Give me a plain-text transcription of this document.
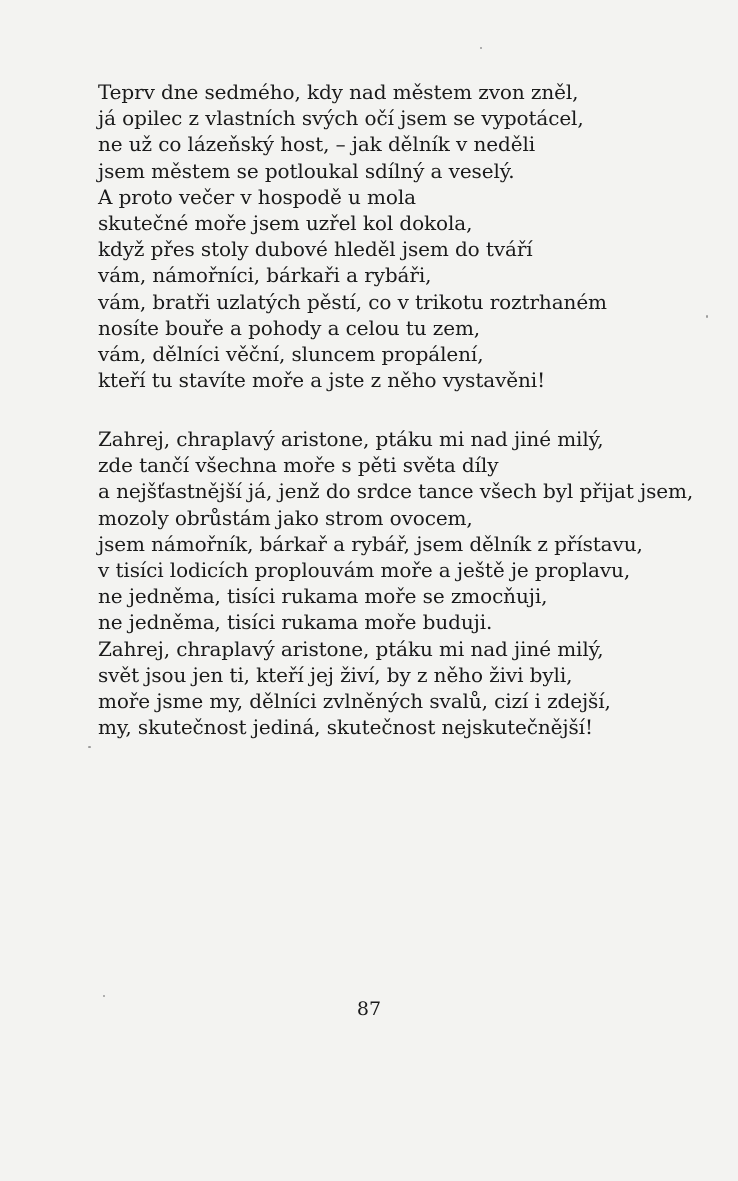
Teprv dne sedmého, kdy nad městem zvon zněl,
já opilec z vlastních svých očí jsem se vypotácel,
ne už co lázeňský host, – jak dělník v neděli
jsem městem se potloukal sdílný a veselý.
A proto večer v hospodě u mola
skutečné moře jsem uzřel kol dokola,
když přes stoly dubové hleděl jsem do tváří
vám, námořníci, bárkaři a rybáři,
vám, bratři uzlatých pěstí, co v trikotu roztrhaném
nosíte bouře a pohody a celou tu zem,
vám, dělníci věční, sluncem propálení,
kteří tu stavíte moře a jste z něho vystavěni!
Zahrej, chraplavý aristone, ptáku mi nad jiné milý,
zde tančí všechna moře s pěti světa díly
a nejšťastnější já, jenž do srdce tance všech byl přijat jsem,
mozoly obrůstám jako strom ovocem,
jsem námořník, bárkař a rybář, jsem dělník z přístavu,
v tisíci lodicích proplouvám moře a ještě je proplavu,
ne jedněma, tisíci rukama moře se zmocňuji,
ne jedněma, tisíci rukama moře buduji.
Zahrej, chraplavý aristone, ptáku mi nad jiné milý,
svět jsou jen ti, kteří jej živí, by z něho živi byli,
moře jsme my, dělníci zvlněných svalů, cizí i zdejší,
my, skutečnost jediná, skutečnost nejskutečnější!
87
